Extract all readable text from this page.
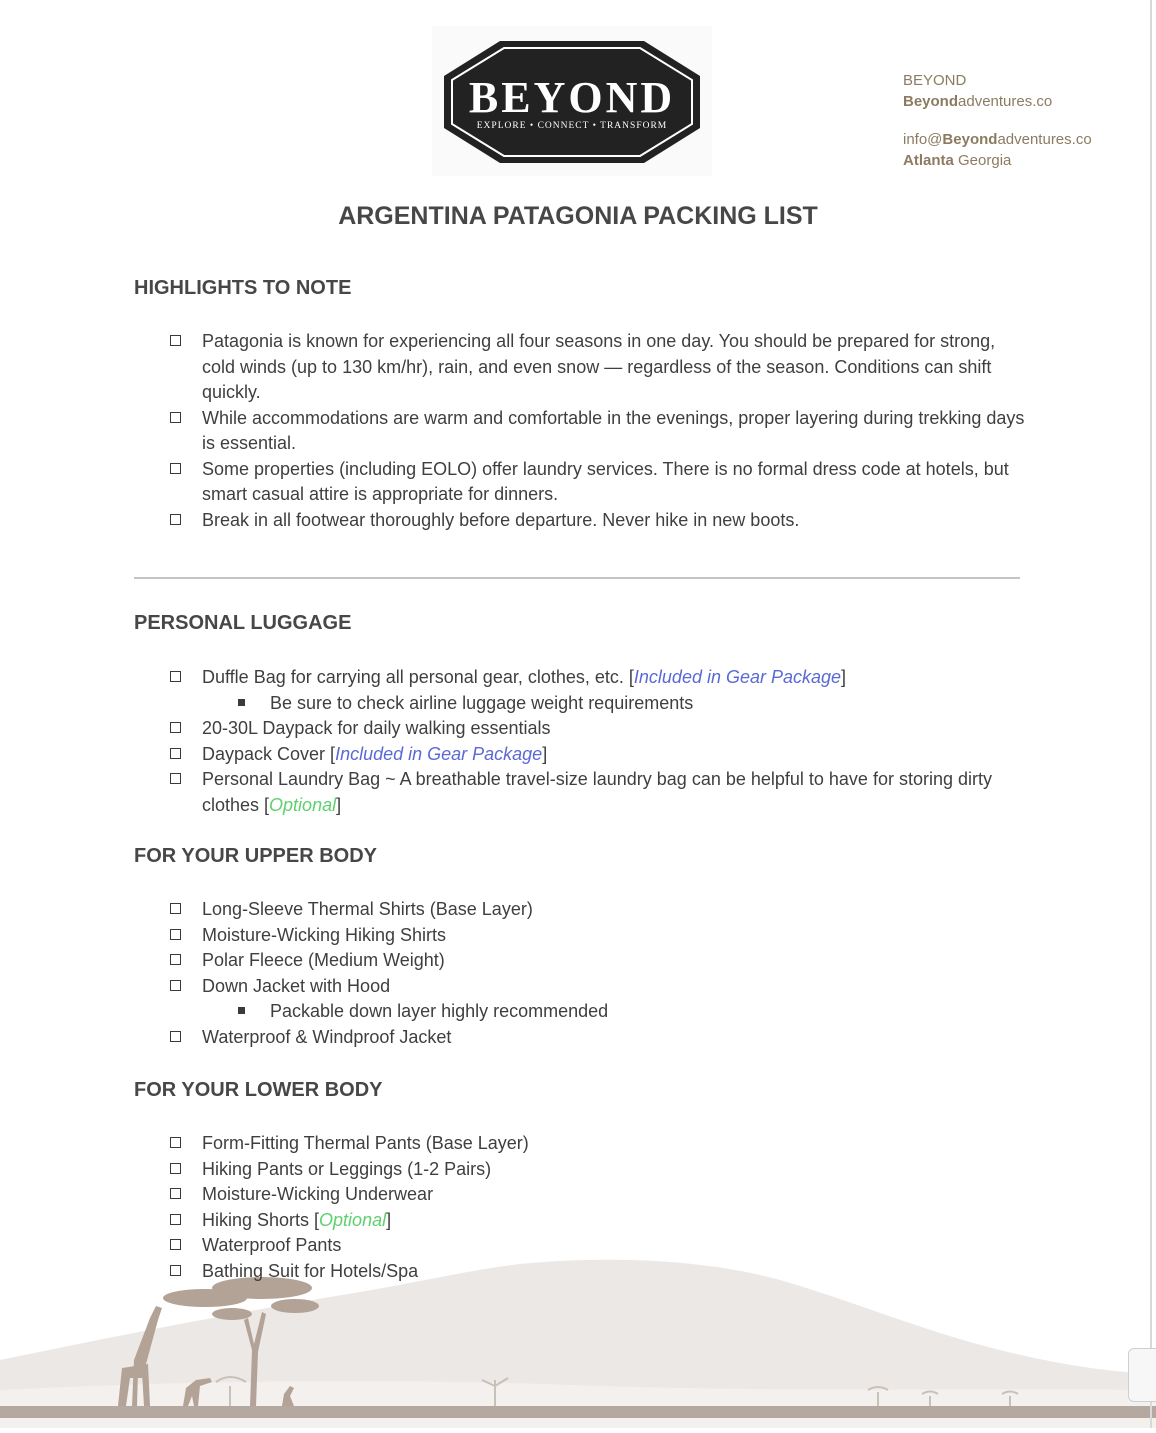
BEYOND
EXPLORE • CONNECT • TRANSFORM
BEYOND
Beyondadventures.co
info@Beyondadventures.co
Atlanta Georgia
ARGENTINA PATAGONIA PACKING LIST
HIGHLIGHTS TO NOTE
Patagonia is known for experiencing all four seasons in one day. You should be prepared for strong, cold winds (up to 130 km/hr), rain, and even snow — regardless of the season. Conditions can shift quickly.
While accommodations are warm and comfortable in the evenings, proper layering during trekking days is essential.
Some properties (including EOLO) offer laundry services. There is no formal dress code at hotels, but smart casual attire is appropriate for dinners.
Break in all footwear thoroughly before departure. Never hike in new boots.
PERSONAL LUGGAGE
Duffle Bag for carrying all personal gear, clothes, etc. [Included in Gear Package]
Be sure to check airline luggage weight requirements
20-30L Daypack for daily walking essentials
Daypack Cover [Included in Gear Package]
Personal Laundry Bag ~ A breathable travel-size laundry bag can be helpful to have for storing dirty clothes [Optional]
FOR YOUR UPPER BODY
Long-Sleeve Thermal Shirts (Base Layer)
Moisture-Wicking Hiking Shirts
Polar Fleece (Medium Weight)
Down Jacket with Hood
Packable down layer highly recommended
Waterproof & Windproof Jacket
FOR YOUR LOWER BODY
Form-Fitting Thermal Pants (Base Layer)
Hiking Pants or Leggings (1-2 Pairs)
Moisture-Wicking Underwear
Hiking Shorts [Optional]
Waterproof Pants
Bathing Suit for Hotels/Spa
